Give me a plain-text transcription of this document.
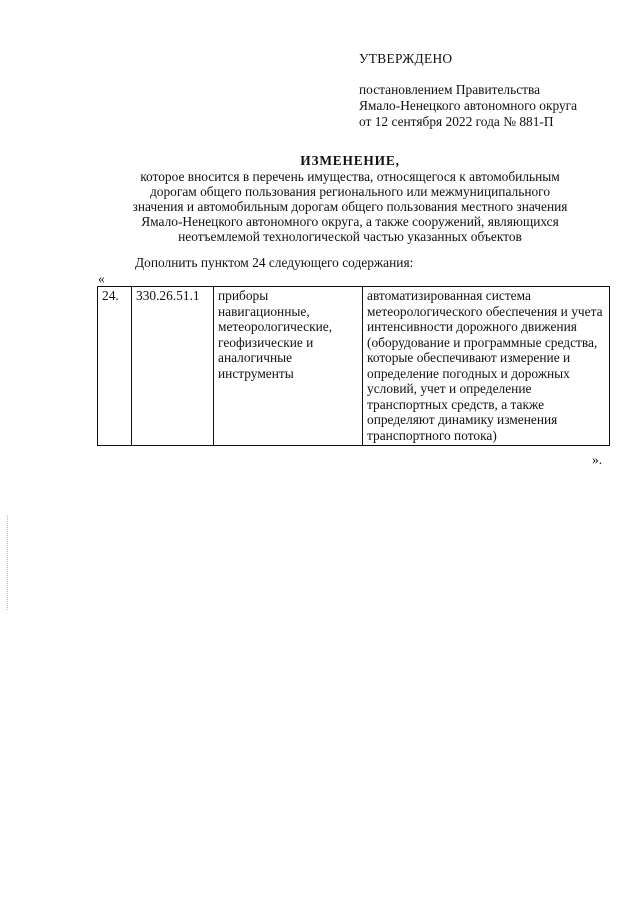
УТВЕРЖДЕНО
постановлением Правительства
Ямало-Ненецкого автономного округа
от 12 сентября 2022 года № 881-П
ИЗМЕНЕНИЕ,
которое вносится в перечень имущества, относящегося к автомобильным
дорогам общего пользования регионального или межмуниципального
значения и автомобильным дорогам общего пользования местного значения
Ямало-Ненецкого автономного округа, а также сооружений, являющихся
неотъемлемой технологической частью указанных объектов
Дополнить пунктом 24 следующего содержания:
«
24.	330.26.51.1	приборы навигационные, метеорологические, геофизические и аналогичные инструменты	автоматизированная система метеорологического обеспечения и учета интенсивности дорожного движения (оборудование и программные средства, которые обеспечивают измерение и определение погодных и дорожных условий, учет и определение транспортных средств, а также определяют динамику изменения транспортного потока)
».
